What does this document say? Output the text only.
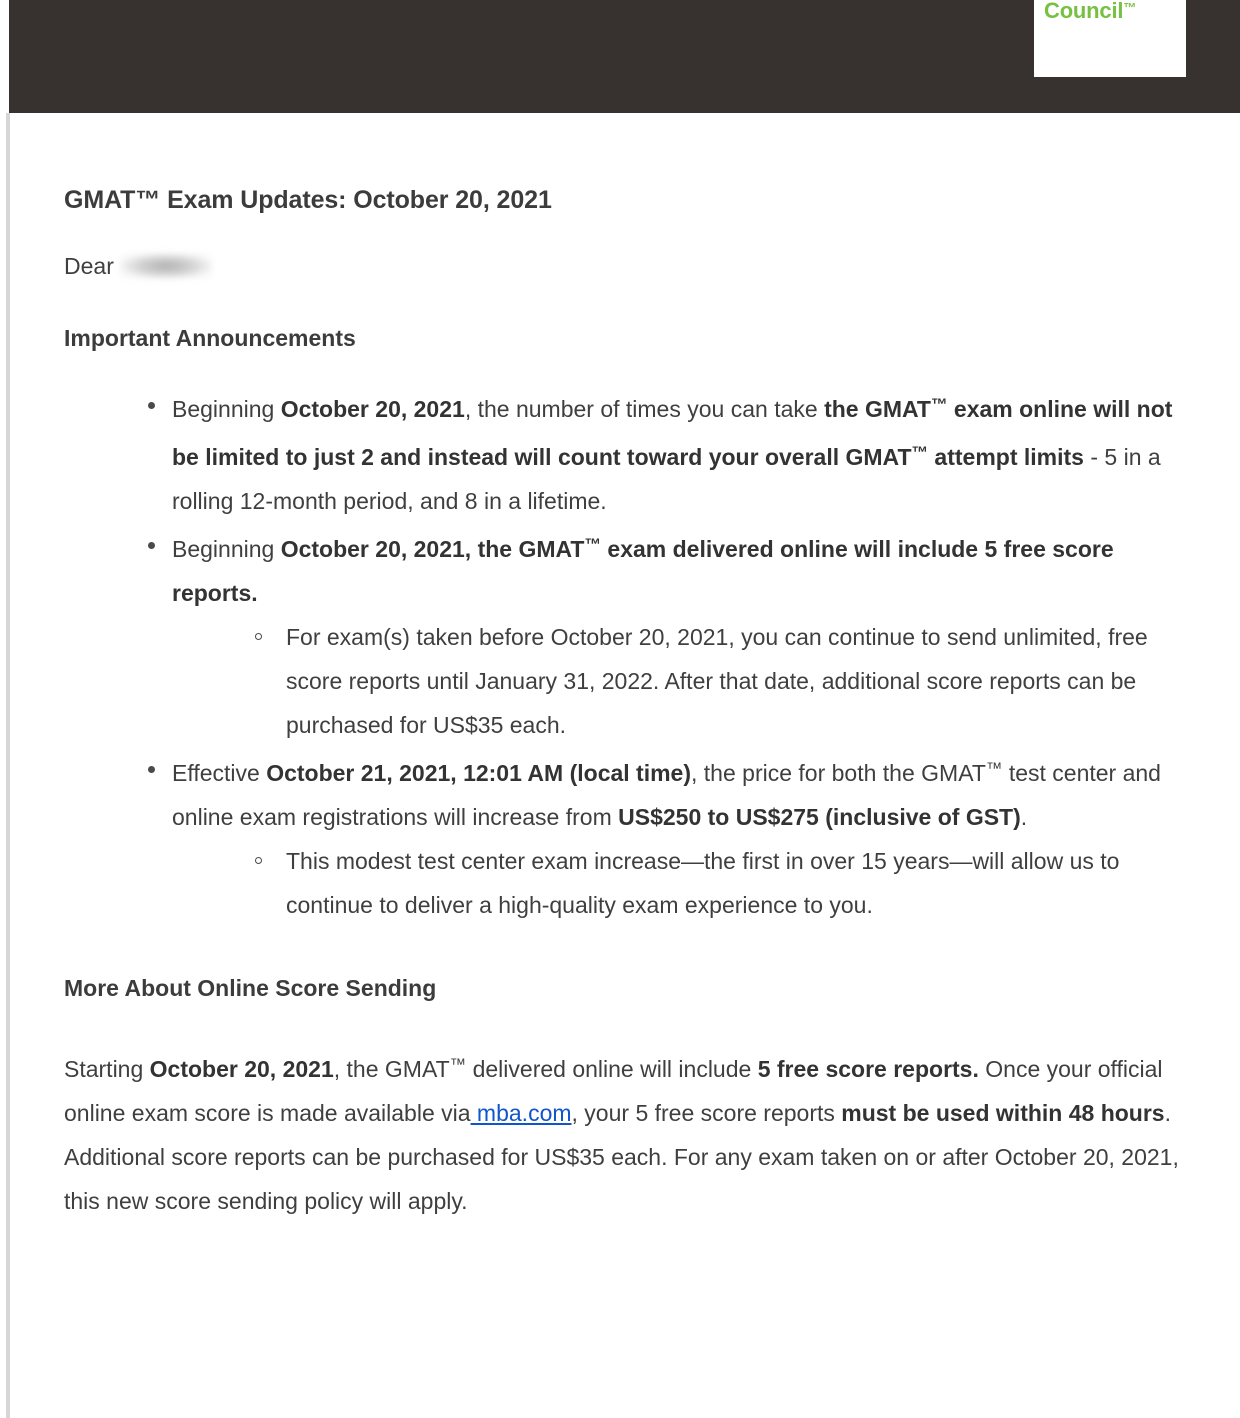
Council™
GMAT™ Exam Updates: October 20, 2021

Dear

Important Announcements
Beginning October 20, 2021, the number of times you can take the GMAT™ exam online will not be limited to just 2 and instead will count toward your overall GMAT™ attempt limits - 5 in a rolling 12-month period, and 8 in a lifetime.
Beginning October 20, 2021, the GMAT™ exam delivered online will include 5 free score reports.
For exam(s) taken before October 20, 2021, you can continue to send unlimited, free score reports until January 31, 2022. After that date, additional score reports can be purchased for US$35 each.
Effective October 21, 2021, 12:01 AM (local time), the price for both the GMAT™ test center and online exam registrations will increase from US$250 to US$275 (inclusive of GST).
This modest test center exam increase—the first in over 15 years—will allow us to continue to deliver a high-quality exam experience to you.
More About Online Score Sending

Starting October 20, 2021, the GMAT™ delivered online will include 5 free score reports. Once your official online exam score is made available via mba.com, your 5 free score reports must be used within 48 hours. Additional score reports can be purchased for US$35 each. For any exam taken on or after October 20, 2021, this new score sending policy will apply.
